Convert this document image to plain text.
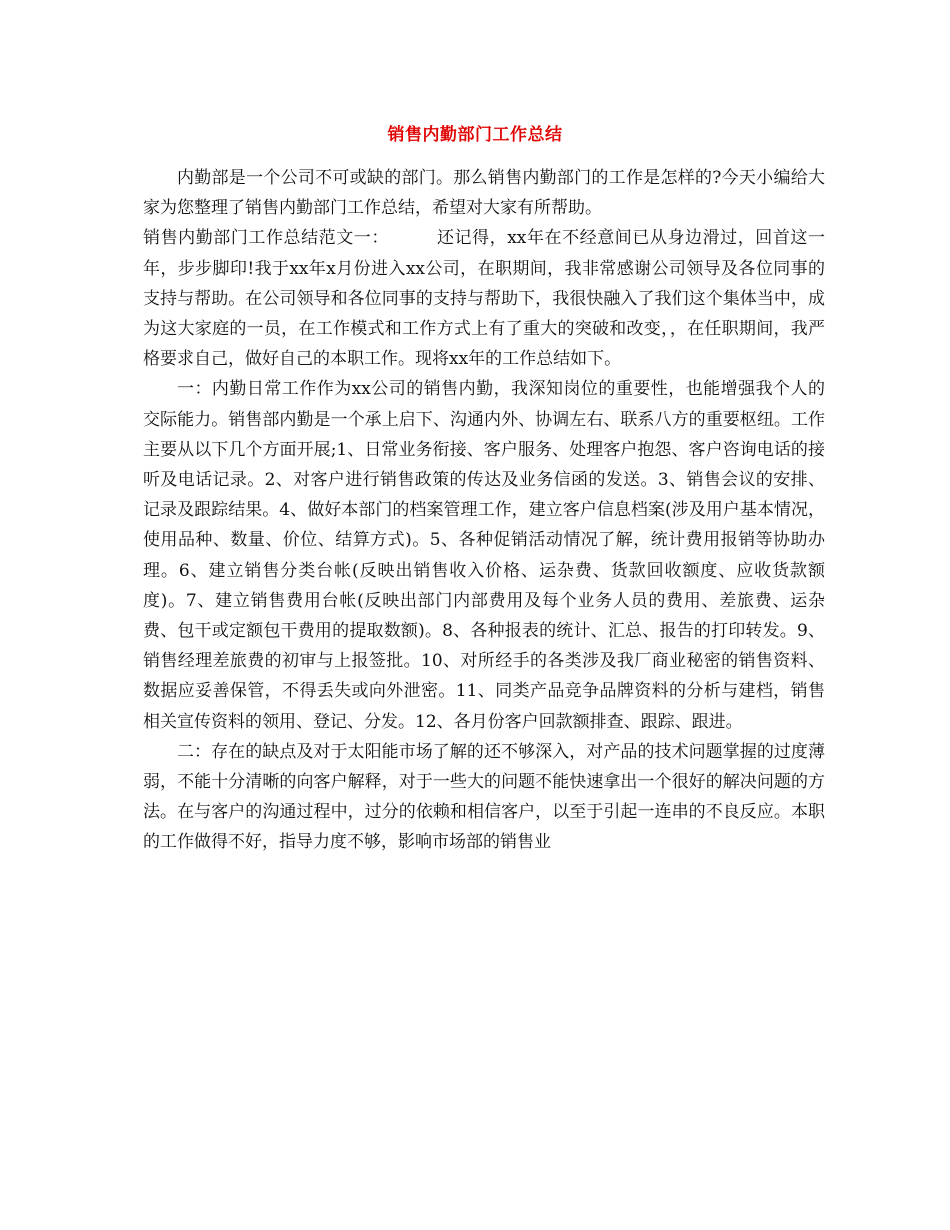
销售内勤部门工作总结

内勤部是一个公司不可或缺的部门。那么销售内勤部门的工作是怎样的?今天小编给大家为您整理了销售内勤部门工作总结，希望对大家有所帮助。

销售内勤部门工作总结范文一：	还记得，xx年在不经意间已从身边滑过，回首这一年，步步脚印!我于xx年x月份进入xx公司，在职期间，我非常感谢公司领导及各位同事的支持与帮助。在公司领导和各位同事的支持与帮助下，我很快融入了我们这个集体当中，成为这大家庭的一员，在工作模式和工作方式上有了重大的突破和改变，，在任职期间，我严格要求自己，做好自己的本职工作。现将xx年的工作总结如下。

一：内勤日常工作作为xx公司的销售内勤，我深知岗位的重要性，也能增强我个人的交际能力。销售部内勤是一个承上启下、沟通内外、协调左右、联系八方的重要枢纽。工作主要从以下几个方面开展;1、日常业务衔接、客户服务、处理客户抱怨、客户咨询电话的接听及电话记录。2、对客户进行销售政策的传达及业务信函的发送。3、销售会议的安排、记录及跟踪结果。4、做好本部门的档案管理工作，建立客户信息档案(涉及用户基本情况，使用品种、数量、价位、结算方式)。5、各种促销活动情况了解，统计费用报销等协助办理。6、建立销售分类台帐(反映出销售收入价格、运杂费、货款回收额度、应收货款额度)。7、建立销售费用台帐(反映出部门内部费用及每个业务人员的费用、差旅费、运杂费、包干或定额包干费用的提取数额)。8、各种报表的统计、汇总、报告的打印转发。9、销售经理差旅费的初审与上报签批。10、对所经手的各类涉及我厂商业秘密的销售资料、数据应妥善保管，不得丢失或向外泄密。11、同类产品竞争品牌资料的分析与建档，销售相关宣传资料的领用、登记、分发。12、各月份客户回款额排查、跟踪、跟进。

二：存在的缺点及对于太阳能市场了解的还不够深入，对产品的技术问题掌握的过度薄弱，不能十分清晰的向客户解释，对于一些大的问题不能快速拿出一个很好的解决问题的方法。在与客户的沟通过程中，过分的依赖和相信客户，以至于引起一连串的不良反应。本职的工作做得不好，指导力度不够，影响市场部的销售业
